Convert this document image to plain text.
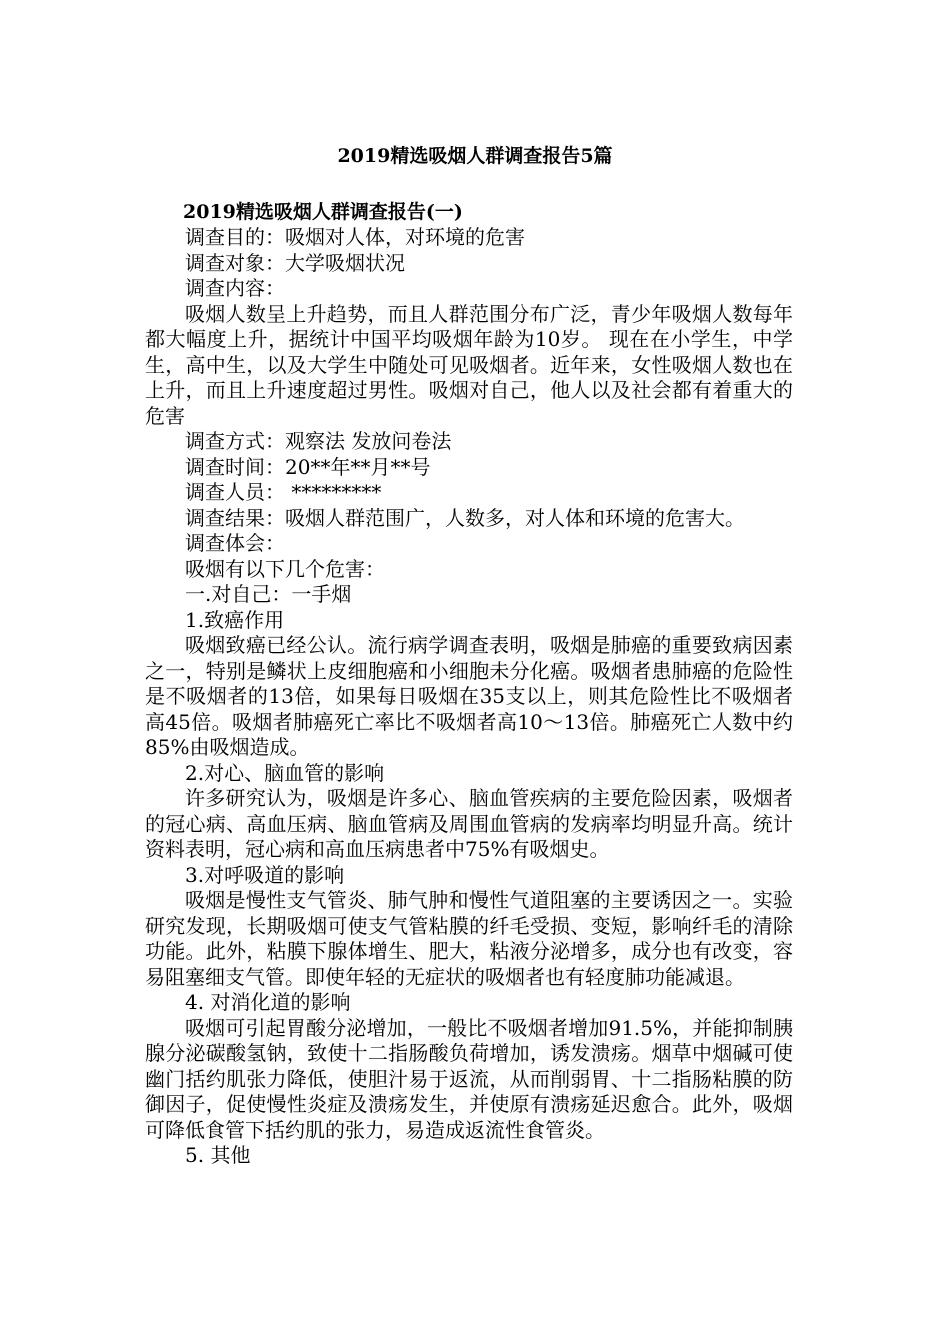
2019精选吸烟人群调查报告5篇

2019精选吸烟人群调查报告(一)

调查目的：吸烟对人体，对环境的危害

调查对象：大学吸烟状况

调查内容：

吸烟人数呈上升趋势，而且人群范围分布广泛，青少年吸烟人数每年都大幅度上升，据统计中国平均吸烟年龄为10岁。 现在在小学生，中学生，高中生，以及大学生中随处可见吸烟者。近年来，女性吸烟人数也在上升，而且上升速度超过男性。吸烟对自己，他人以及社会都有着重大的危害

调查方式：观察法 发放问卷法

调查时间：20**年**月**号

调查人员： *********

调查结果：吸烟人群范围广，人数多，对人体和环境的危害大。

调查体会：

吸烟有以下几个危害：

一.对自己：一手烟

1.致癌作用

吸烟致癌已经公认。流行病学调查表明，吸烟是肺癌的重要致病因素之一，特别是鳞状上皮细胞癌和小细胞未分化癌。吸烟者患肺癌的危险性是不吸烟者的13倍，如果每日吸烟在35支以上，则其危险性比不吸烟者高45倍。吸烟者肺癌死亡率比不吸烟者高10～13倍。肺癌死亡人数中约85%由吸烟造成。

2.对心、脑血管的影响

许多研究认为，吸烟是许多心、脑血管疾病的主要危险因素，吸烟者的冠心病、高血压病、脑血管病及周围血管病的发病率均明显升高。统计资料表明，冠心病和高血压病患者中75%有吸烟史。

3.对呼吸道的影响

吸烟是慢性支气管炎、肺气肿和慢性气道阻塞的主要诱因之一。实验研究发现，长期吸烟可使支气管粘膜的纤毛受损、变短，影响纤毛的清除功能。此外，粘膜下腺体增生、肥大，粘液分泌增多，成分也有改变，容易阻塞细支气管。即使年轻的无症状的吸烟者也有轻度肺功能减退。

4. 对消化道的影响

吸烟可引起胃酸分泌增加，一般比不吸烟者增加91.5%，并能抑制胰腺分泌碳酸氢钠，致使十二指肠酸负荷增加，诱发溃疡。烟草中烟碱可使幽门括约肌张力降低，使胆汁易于返流，从而削弱胃、十二指肠粘膜的防御因子，促使慢性炎症及溃疡发生，并使原有溃疡延迟愈合。此外，吸烟可降低食管下括约肌的张力，易造成返流性食管炎。

5. 其他
